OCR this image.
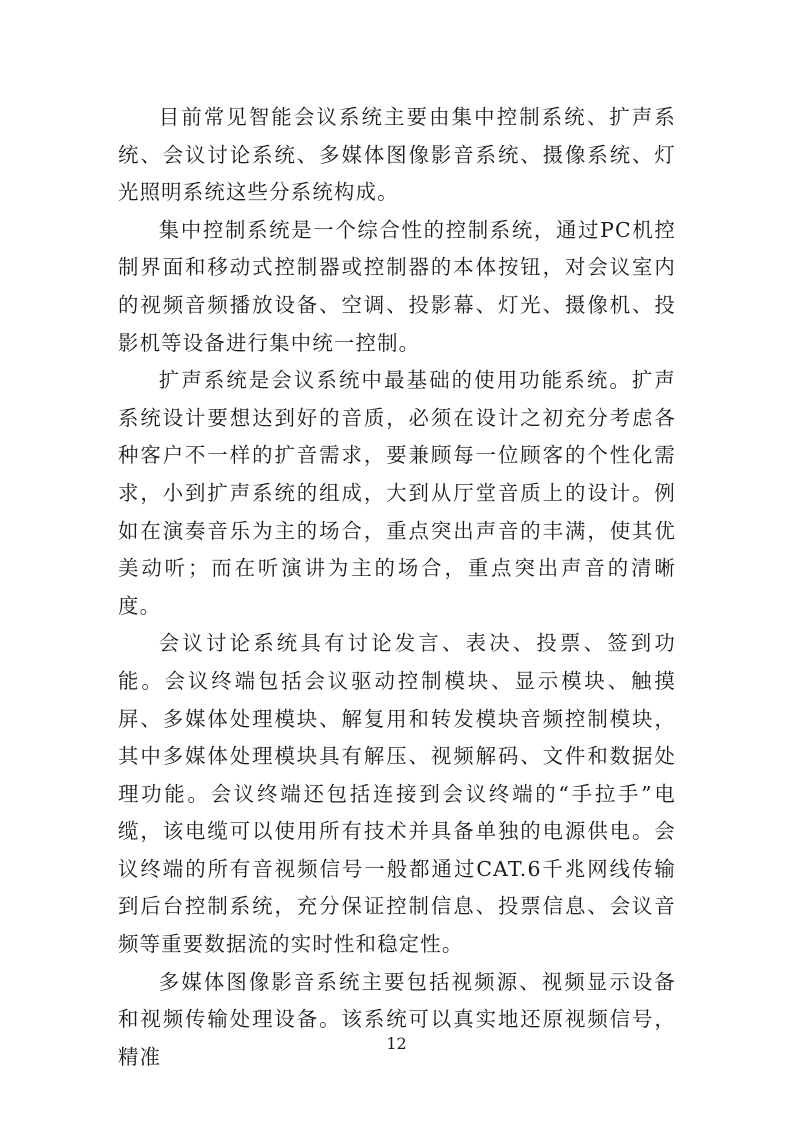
目前常见智能会议系统主要由集中控制系统、扩声系统、会议讨论系统、多媒体图像影音系统、摄像系统、灯光照明系统这些分系统构成。

集中控制系统是一个综合性的控制系统，通过PC机控制界面和移动式控制器或控制器的本体按钮，对会议室内的视频音频播放设备、空调、投影幕、灯光、摄像机、投影机等设备进行集中统一控制。

扩声系统是会议系统中最基础的使用功能系统。扩声系统设计要想达到好的音质，必须在设计之初充分考虑各种客户不一样的扩音需求，要兼顾每一位顾客的个性化需求，小到扩声系统的组成，大到从厅堂音质上的设计。例如在演奏音乐为主的场合，重点突出声音的丰满，使其优美动听；而在听演讲为主的场合，重点突出声音的清晰度。

会议讨论系统具有讨论发言、表决、投票、签到功能。会议终端包括会议驱动控制模块、显示模块、触摸屏、多媒体处理模块、解复用和转发模块音频控制模块，其中多媒体处理模块具有解压、视频解码、文件和数据处理功能。会议终端还包括连接到会议终端的“手拉手”电缆，该电缆可以使用所有技术并具备单独的电源供电。会议终端的所有音视频信号一般都通过CAT.6千兆网线传输到后台控制系统，充分保证控制信息、投票信息、会议音频等重要数据流的实时性和稳定性。

多媒体图像影音系统主要包括视频源、视频显示设备和视频传输处理设备。该系统可以真实地还原视频信号，精准

12
